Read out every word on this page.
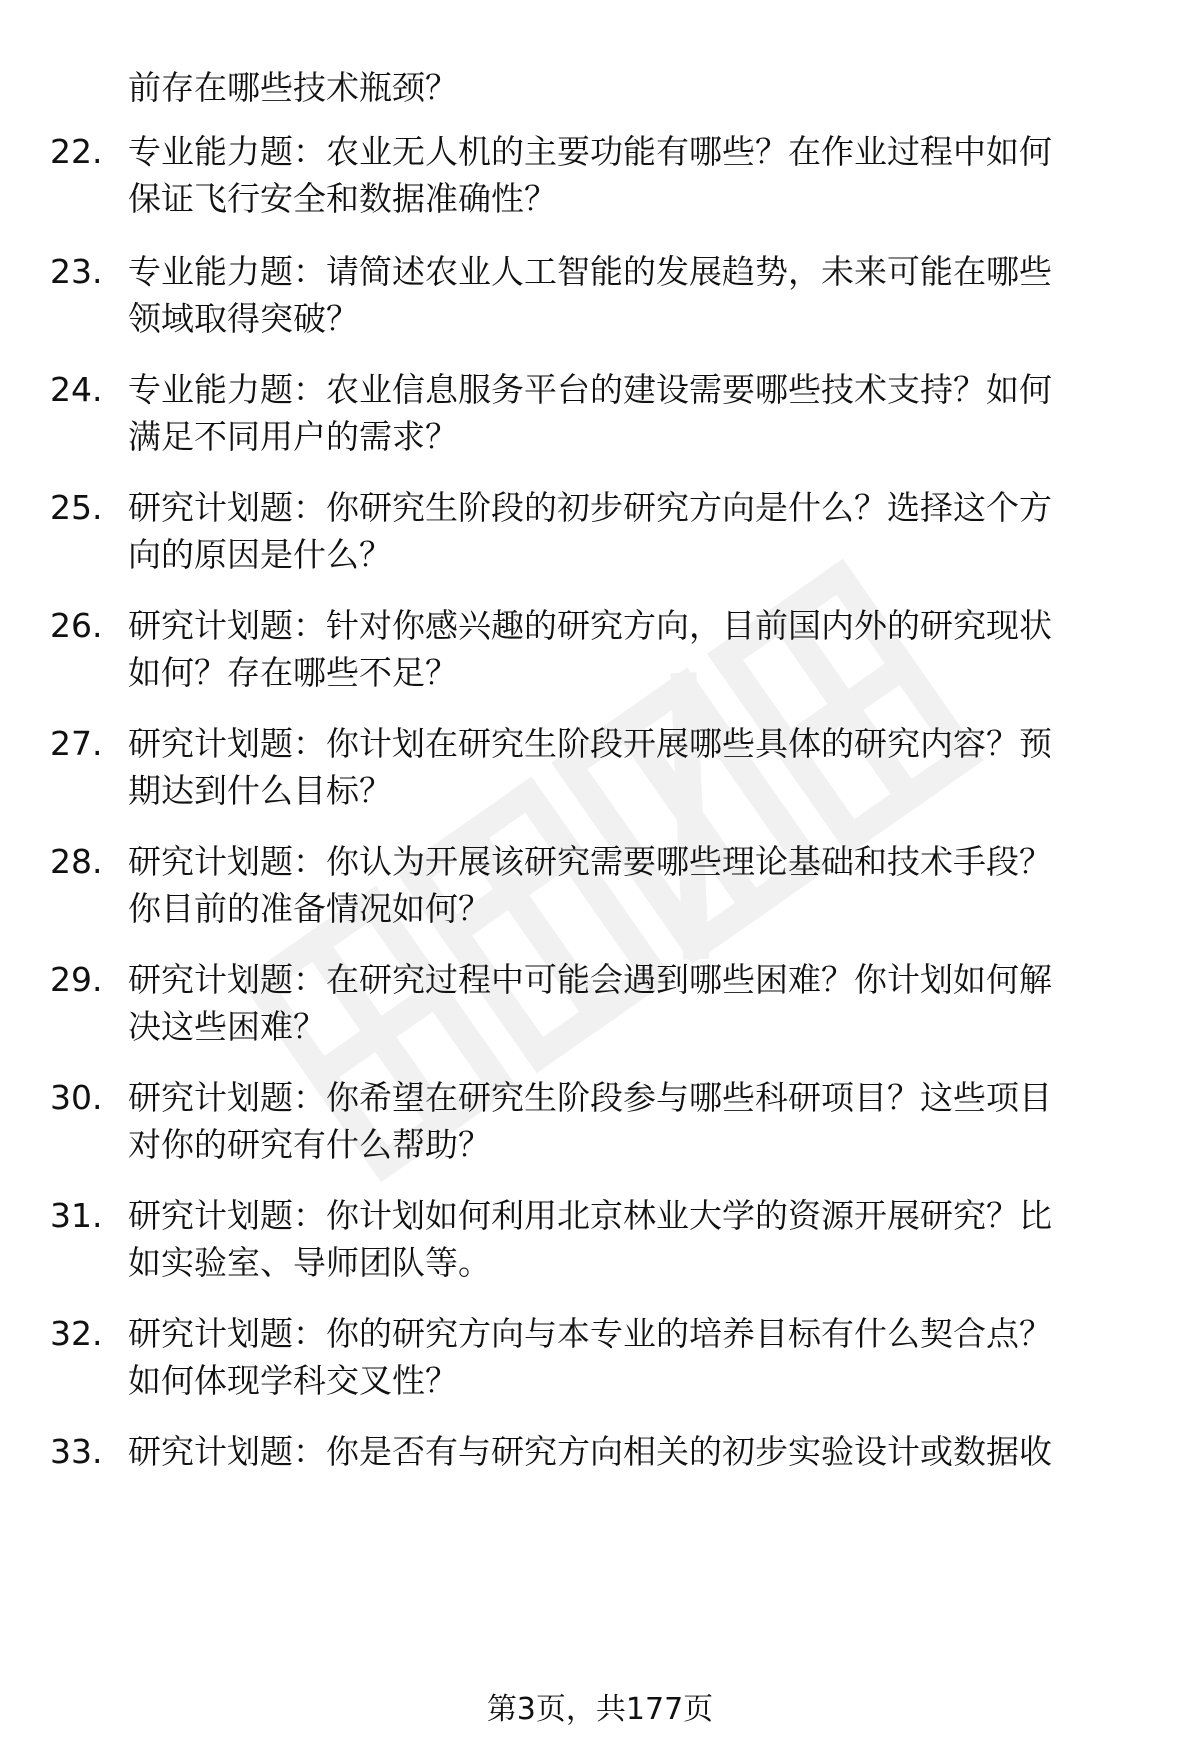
前存在哪些技术瓶颈？
22. 专业能力题：农业无人机的主要功能有哪些？在作业过程中如何
保证飞行安全和数据准确性？
23. 专业能力题：请简述农业人工智能的发展趋势，未来可能在哪些
领域取得突破？
24. 专业能力题：农业信息服务平台的建设需要哪些技术支持？如何
满足不同用户的需求？
25. 研究计划题：你研究生阶段的初步研究方向是什么？选择这个方
向的原因是什么？
26. 研究计划题：针对你感兴趣的研究方向，目前国内外的研究现状
如何？存在哪些不足？
27. 研究计划题：你计划在研究生阶段开展哪些具体的研究内容？预
期达到什么目标？
28. 研究计划题：你认为开展该研究需要哪些理论基础和技术手段？
你目前的准备情况如何？
29. 研究计划题：在研究过程中可能会遇到哪些困难？你计划如何解
决这些困难？
30. 研究计划题：你希望在研究生阶段参与哪些科研项目？这些项目
对你的研究有什么帮助？
31. 研究计划题：你计划如何利用北京林业大学的资源开展研究？比
如实验室、导师团队等。
32. 研究计划题：你的研究方向与本专业的培养目标有什么契合点？
如何体现学科交叉性？
33. 研究计划题：你是否有与研究方向相关的初步实验设计或数据收
第3页，共177页
